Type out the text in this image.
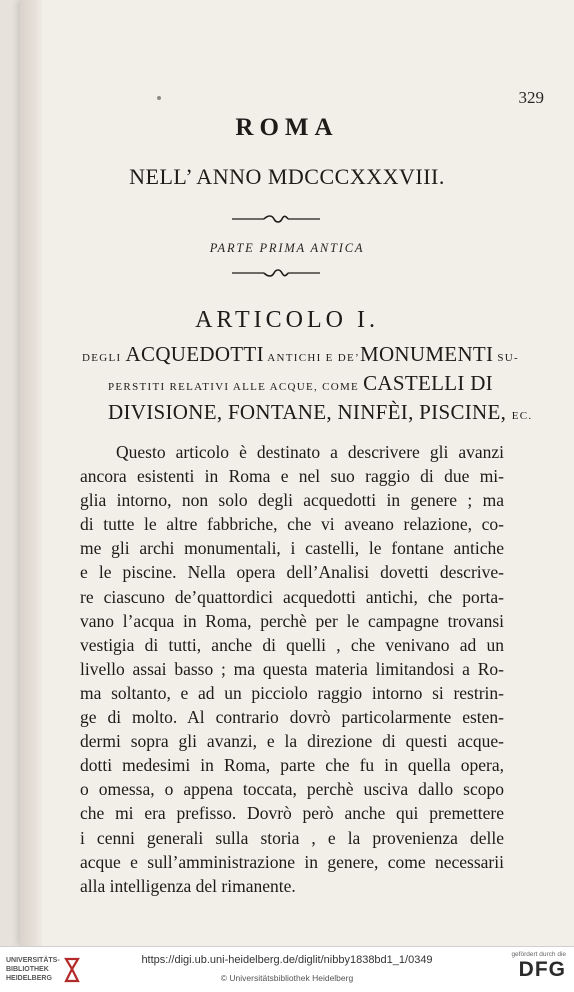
329
ROMA
NELL’ ANNO MDCCCXXXVIII.
PARTE PRIMA ANTICA
ARTICOLO I.
DEGLI ACQUEDOTTI ANTICHI E DE’MONUMENTI SU-
PERSTITI RELATIVI ALLE ACQUE, COME CASTELLI DI
DIVISIONE, FONTANE, NINFÈI, PISCINE, EC.
Questo articolo è destinato a descrivere gli avanzi
ancora esistenti in Roma e nel suo raggio di due mi-
glia intorno, non solo degli acquedotti in genere ; ma
di tutte le altre fabbriche, che vi aveano relazione, co-
me gli archi monumentali, i castelli, le fontane antiche
e le piscine. Nella opera dell’Analisi dovetti descrive-
re ciascuno de’quattordici acquedotti antichi, che porta-
vano l’acqua in Roma, perchè per le campagne trovansi
vestigia di tutti, anche di quelli , che venivano ad un
livello assai basso ; ma questa materia limitandosi a Ro-
ma soltanto, e ad un picciolo raggio intorno si restrin-
ge di molto. Al contrario dovrò particolarmente esten-
dermi sopra gli avanzi, e la direzione di questi acque-
dotti medesimi in Roma, parte che fu in quella opera,
o omessa, o appena toccata, perchè usciva dallo scopo
che mi era prefisso. Dovrò però anche qui premettere
i cenni generali sulla storia , e la provenienza delle
acque e sull’amministrazione in genere, come necessarii
alla intelligenza del rimanente.
UNIVERSITÄTS-
BIBLIOTHEK
HEIDELBERG
https://digi.ub.uni-heidelberg.de/diglit/nibby1838bd1_1/0349
© Universitätsbibliothek Heidelberg
gefördert durch die
DFG
